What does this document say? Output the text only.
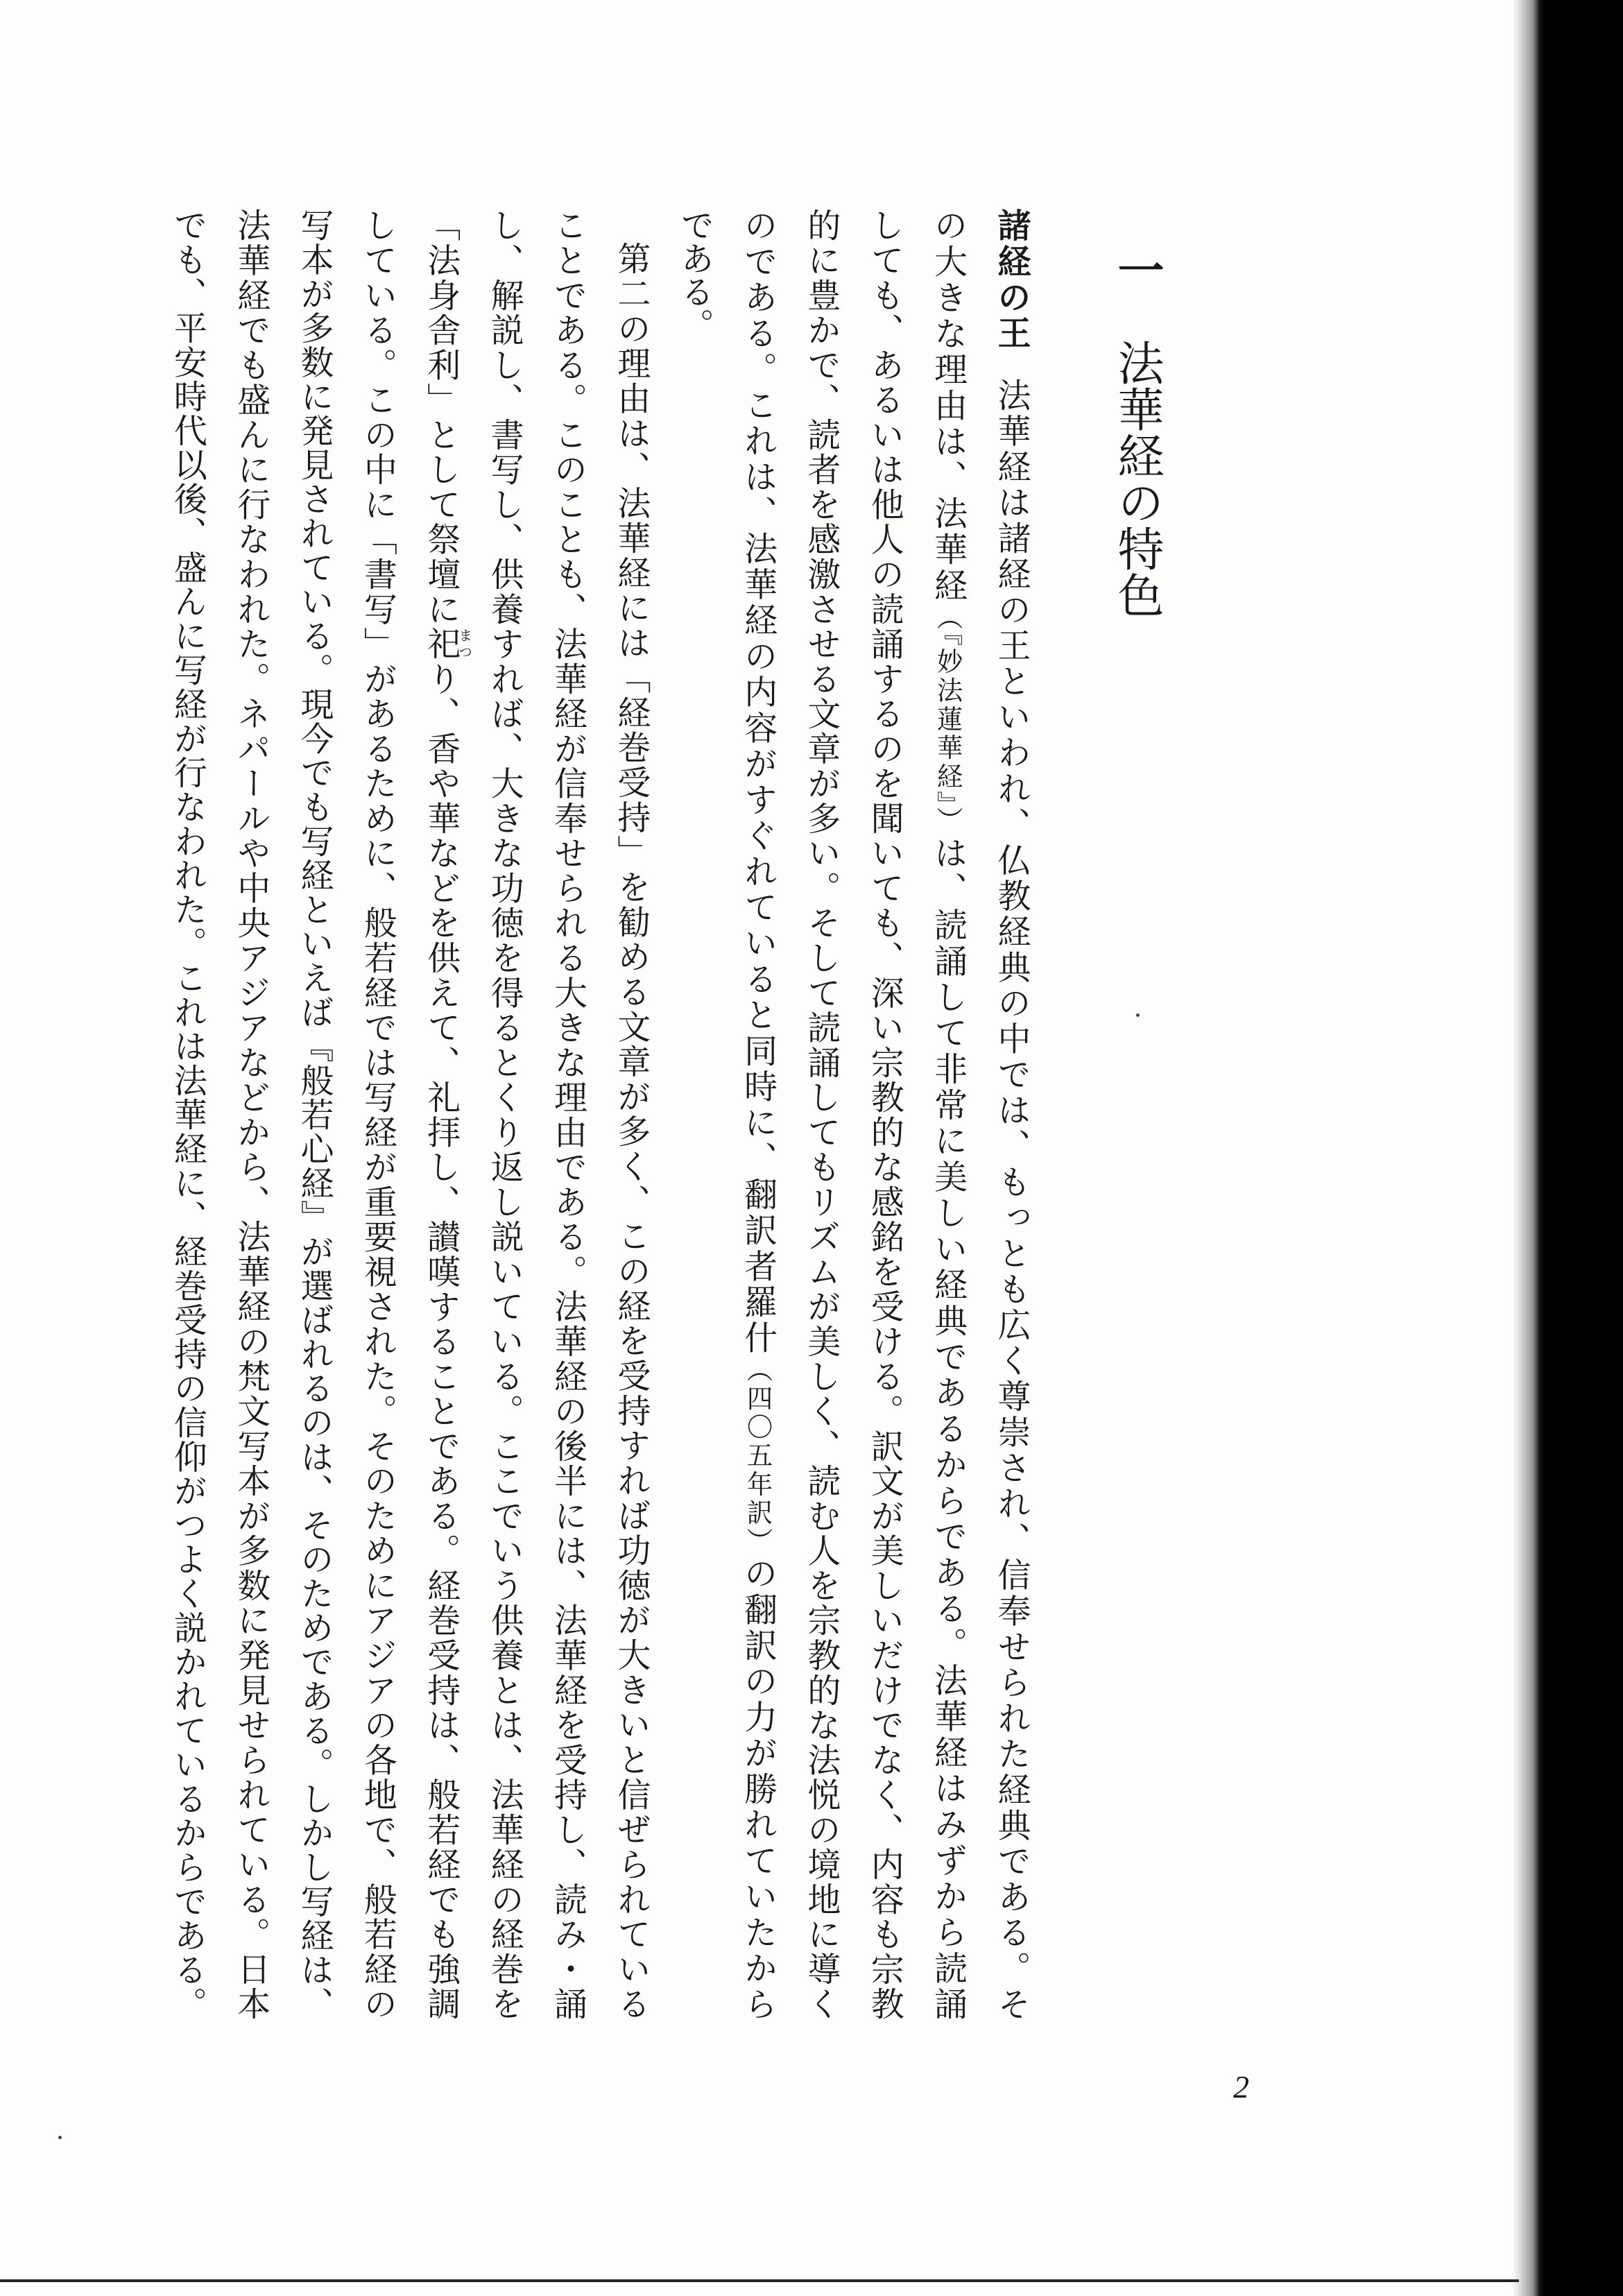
一法華経の特色
諸経の王法華経は諸経の王といわれ、仏教経典の中では、もっとも広く尊崇され、信奉せられた経典である。そ
の大きな理由は、法華経（『妙法蓮華経』）は、読誦して非常に美しい経典であるからである。法華経はみずから読誦
しても、あるいは他人の読誦するのを聞いても、深い宗教的な感銘を受ける。訳文が美しいだけでなく、内容も宗教
的に豊かで、読者を感激させる文章が多い。そして読誦してもリズムが美しく、読む人を宗教的な法悦の境地に導く
のである。これは、法華経の内容がすぐれていると同時に、翻訳者羅什（四〇五年訳）の翻訳の力が勝れていたから
である。
第二の理由は、法華経には「経巻受持」を勧める文章が多く、この経を受持すれば功徳が大きいと信ぜられている
ことである。このことも、法華経が信奉せられる大きな理由である。法華経の後半には、法華経を受持し、読み・誦
し、解説し、書写し、供養すれば、大きな功徳を得るとくり返し説いている。ここでいう供養とは、法華経の経巻を
「法身舎利」として祭壇に祀まつり、香や華などを供えて、礼拝し、讃嘆することである。経巻受持は、般若経でも強調
している。この中に「書写」があるために、般若経では写経が重要視された。そのためにアジアの各地で、般若経の
写本が多数に発見されている。現今でも写経といえば『般若心経』が選ばれるのは、そのためである。しかし写経は、
法華経でも盛んに行なわれた。ネパールや中央アジアなどから、法華経の梵文写本が多数に発見せられている。日本
でも、平安時代以後、盛んに写経が行なわれた。これは法華経に、経巻受持の信仰がつよく説かれているからである。
2
